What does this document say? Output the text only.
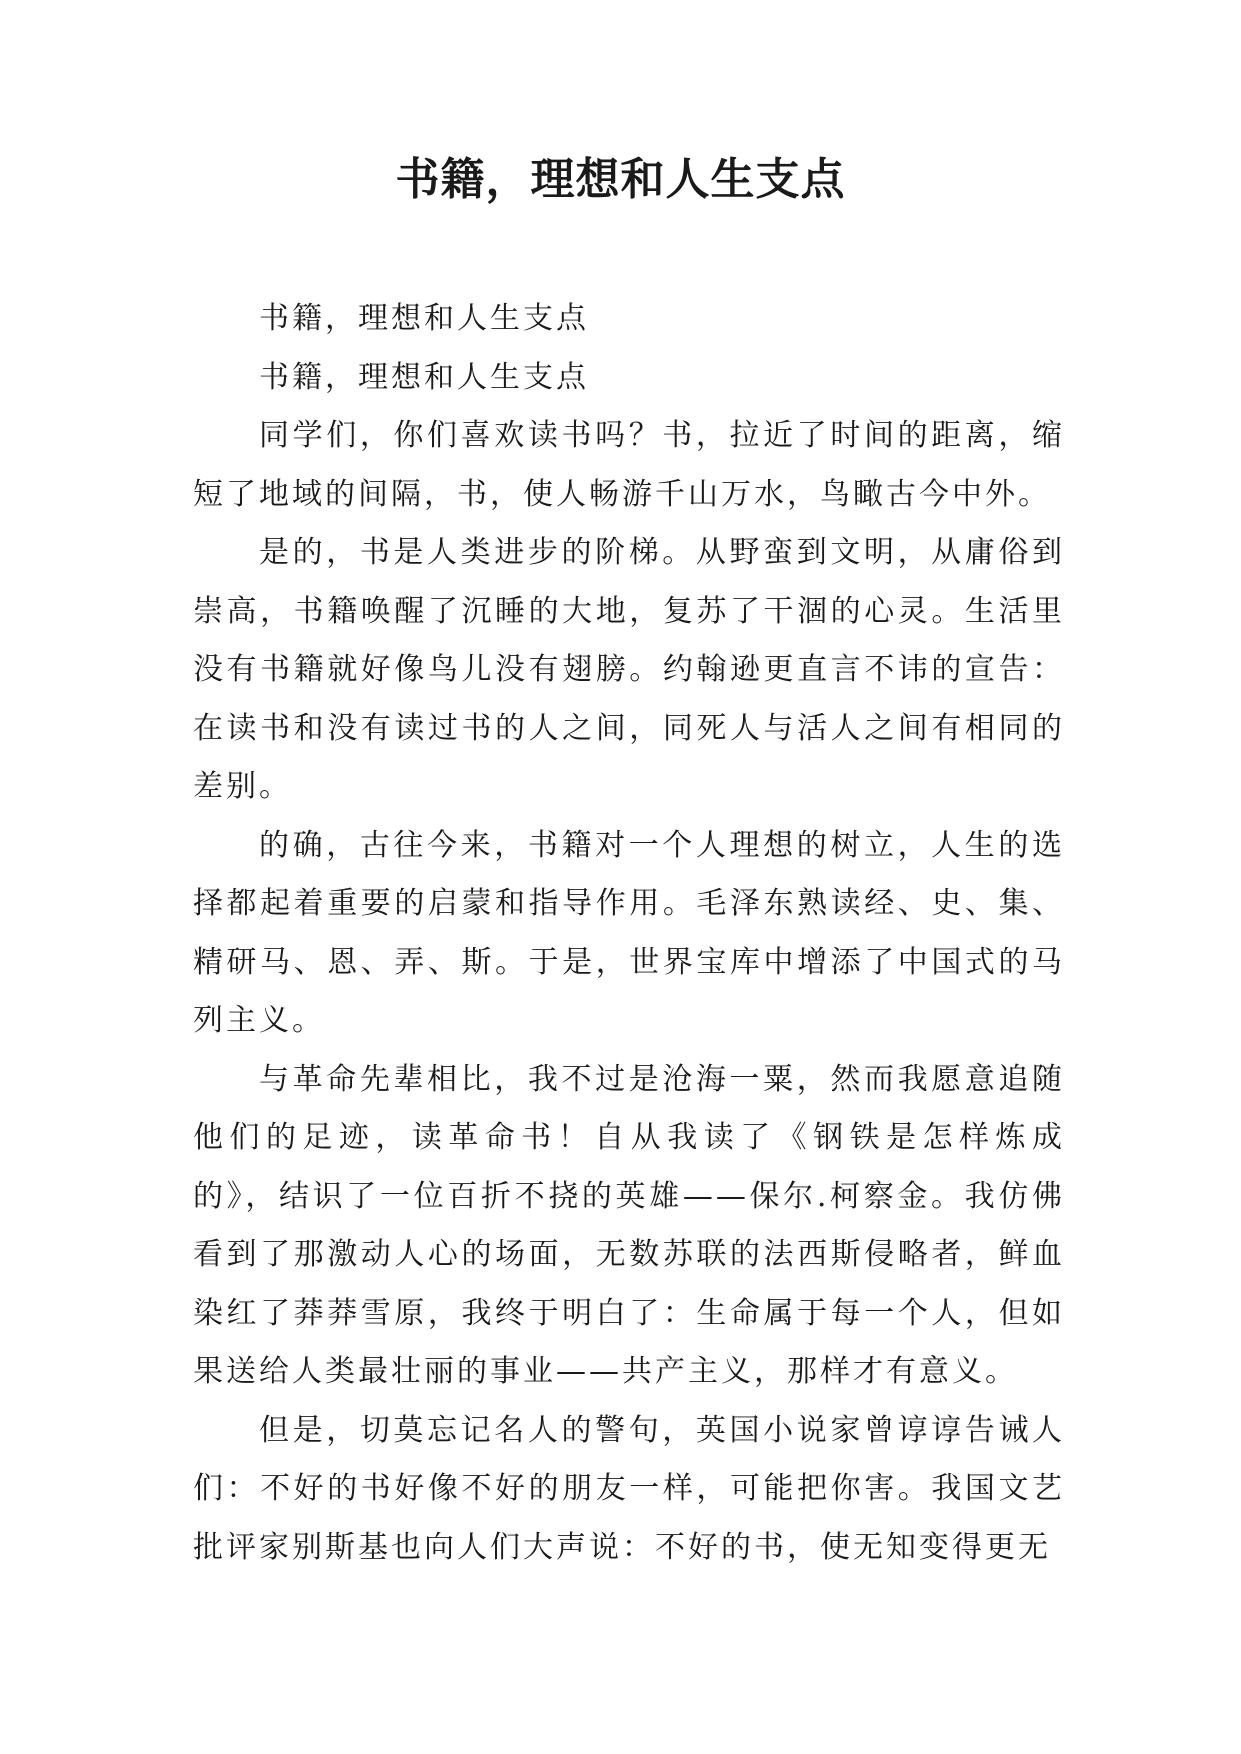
书籍，理想和人生支点

书籍，理想和人生支点

书籍，理想和人生支点

同学们，你们喜欢读书吗？书，拉近了时间的距离，缩短了地域的间隔，书，使人畅游千山万水，鸟瞰古今中外。

是的，书是人类进步的阶梯。从野蛮到文明，从庸俗到崇高，书籍唤醒了沉睡的大地，复苏了干涸的心灵。生活里没有书籍就好像鸟儿没有翅膀。约翰逊更直言不讳的宣告：在读书和没有读过书的人之间，同死人与活人之间有相同的差别。

的确，古往今来，书籍对一个人理想的树立，人生的选择都起着重要的启蒙和指导作用。毛泽东熟读经、史、集、精研马、恩、弄、斯。于是，世界宝库中增添了中国式的马列主义。

与革命先辈相比，我不过是沧海一粟，然而我愿意追随他们的足迹，读革命书！自从我读了《钢铁是怎样炼成的》，结识了一位百折不挠的英雄——保尔.柯察金。我仿佛看到了那激动人心的场面，无数苏联的法西斯侵略者，鲜血染红了莽莽雪原，我终于明白了：生命属于每一个人，但如果送给人类最壮丽的事业——共产主义，那样才有意义。

但是，切莫忘记名人的警句，英国小说家曾谆谆告诫人们：不好的书好像不好的朋友一样，可能把你害。我国文艺批评家别斯基也向人们大声说：不好的书，使无知变得更无
